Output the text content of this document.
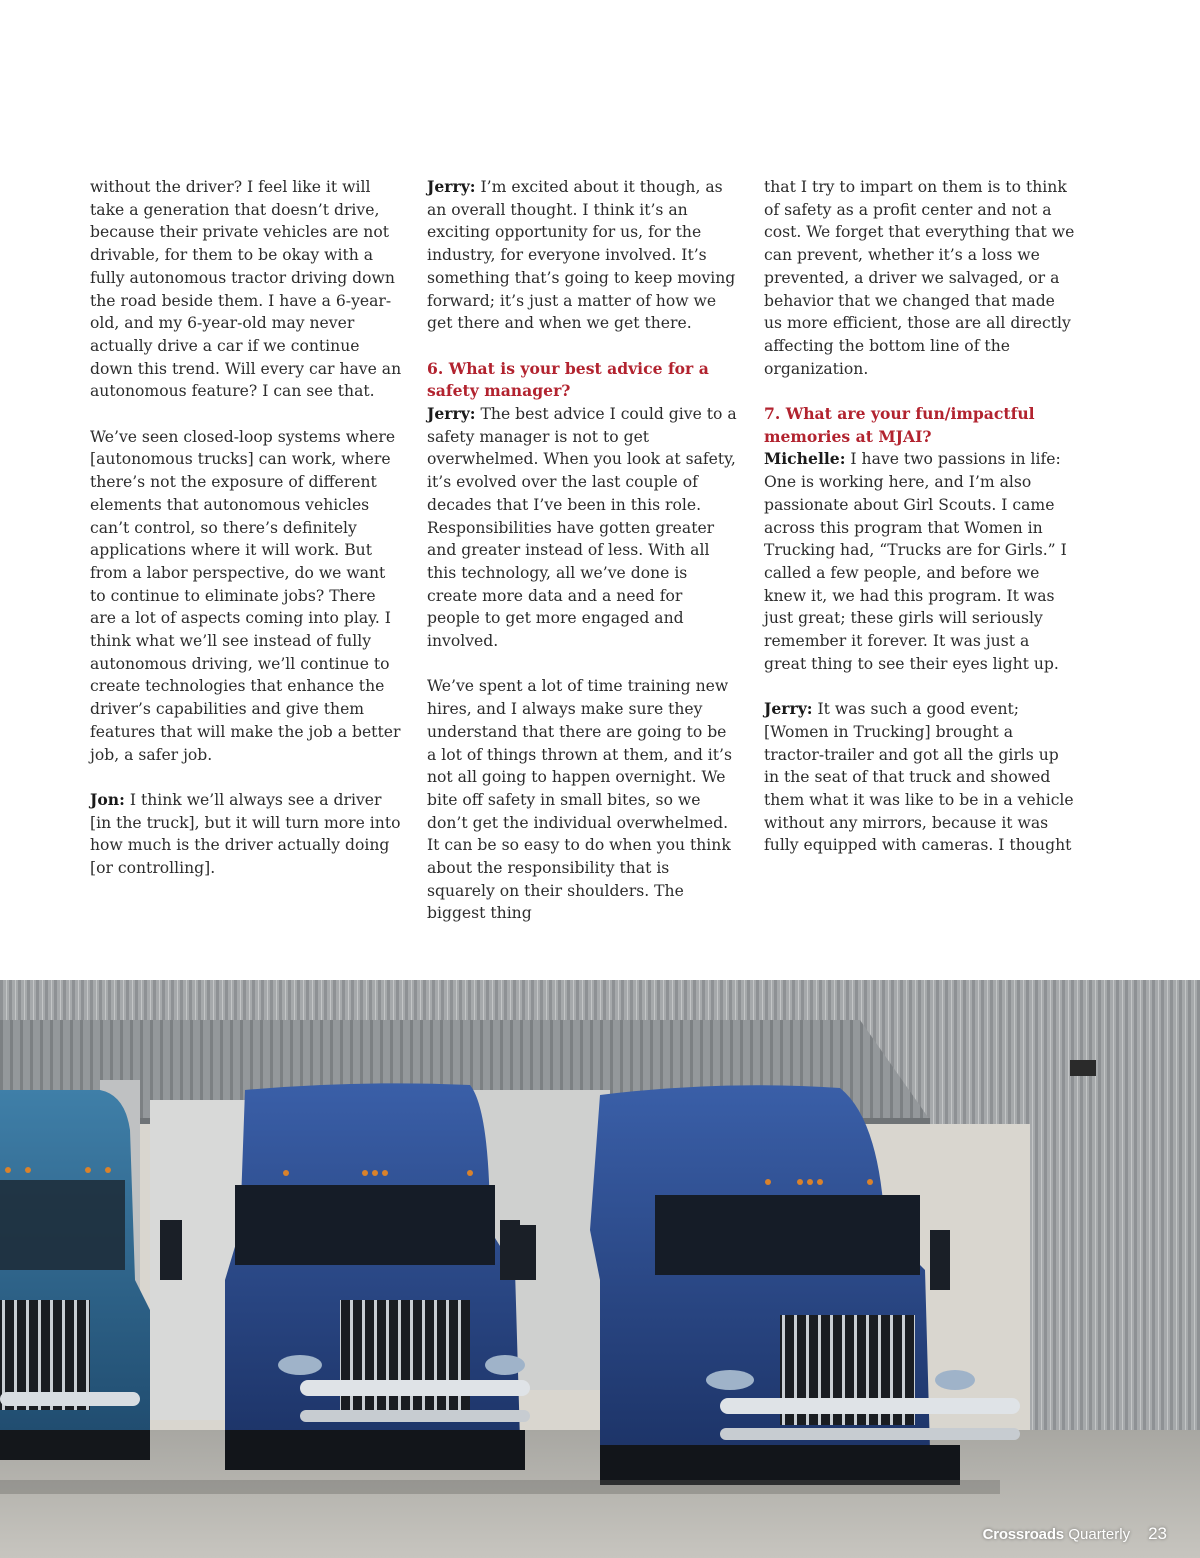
without the driver? I feel like it will take a generation that doesn’t drive, because their private vehicles are not drivable, for them to be okay with a fully autonomous tractor driving down the road beside them. I have a 6-year-old, and my 6-year-old may never actually drive a car if we continue down this trend. Will every car have an autonomous feature? I can see that.

We’ve seen closed-loop systems where [autonomous trucks] can work, where there’s not the exposure of different elements that autonomous vehicles can’t control, so there’s definitely applications where it will work. But from a labor perspective, do we want to continue to eliminate jobs? There are a lot of aspects coming into play. I think what we’ll see instead of fully autonomous driving, we’ll continue to create technologies that enhance the driver’s capabilities and give them features that will make the job a better job, a safer job.

Jon: I think we’ll always see a driver [in the truck], but it will turn more into how much is the driver actually doing [or controlling].

Jerry: I’m excited about it though, as an overall thought. I think it’s an exciting opportunity for us, for the industry, for everyone involved. It’s something that’s going to keep moving forward; it’s just a matter of how we get there and when we get there.

6. What is your best advice for a safety manager?

Jerry: The best advice I could give to a safety manager is not to get overwhelmed. When you look at safety, it’s evolved over the last couple of decades that I’ve been in this role. Responsibilities have gotten greater and greater instead of less. With all this technology, all we’ve done is create more data and a need for people to get more engaged and involved.

We’ve spent a lot of time training new hires, and I always make sure they understand that there are going to be a lot of things thrown at them, and it’s not all going to happen overnight. We bite off safety in small bites, so we don’t get the individual overwhelmed. It can be so easy to do when you think about the responsibility that is squarely on their shoulders. The biggest thing

that I try to impart on them is to think of safety as a profit center and not a cost. We forget that everything that we can prevent, whether it’s a loss we prevented, a driver we salvaged, or a behavior that we changed that made us more efficient, those are all directly affecting the bottom line of the organization.

7. What are your fun/impactful memories at MJAI?

Michelle: I have two passions in life: One is working here, and I’m also passionate about Girl Scouts. I came across this program that Women in Trucking had, “Trucks are for Girls.” I called a few people, and before we knew it, we had this program. It was just great; these girls will seriously remember it forever. It was just a great thing to see their eyes light up.

Jerry: It was such a good event; [Women in Trucking] brought a tractor-trailer and got all the girls up in the seat of that truck and showed them what it was like to be in a vehicle without any mirrors, because it was fully equipped with cameras. I thought

Crossroads Quarterly 23
